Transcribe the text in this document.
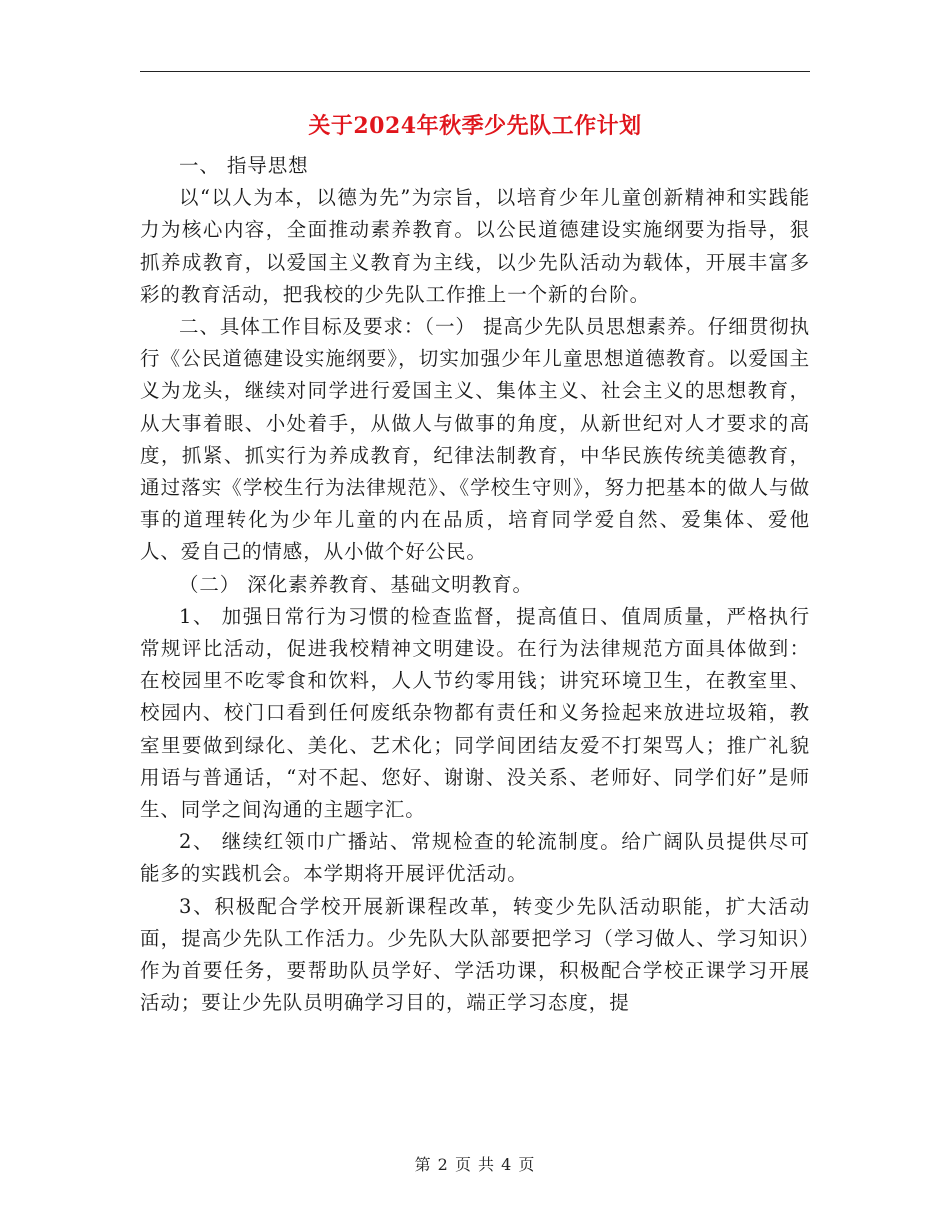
关于2024年秋季少先队工作计划

一、 指导思想

以“以人为本，以德为先”为宗旨，以培育少年儿童创新精神和实践能力为核心内容，全面推动素养教育。以公民道德建设实施纲要为指导，狠抓养成教育，以爱国主义教育为主线，以少先队活动为载体，开展丰富多彩的教育活动，把我校的少先队工作推上一个新的台阶。

二、具体工作目标及要求：（一） 提高少先队员思想素养。仔细贯彻执行《公民道德建设实施纲要》，切实加强少年儿童思想道德教育。以爱国主义为龙头，继续对同学进行爱国主义、集体主义、社会主义的思想教育，从大事着眼、小处着手，从做人与做事的角度，从新世纪对人才要求的高度，抓紧、抓实行为养成教育，纪律法制教育，中华民族传统美德教育，通过落实《学校生行为法律规范》、《学校生守则》，努力把基本的做人与做事的道理转化为少年儿童的内在品质，培育同学爱自然、爱集体、爱他人、爱自己的情感，从小做个好公民。

（二） 深化素养教育、基础文明教育。

1、 加强日常行为习惯的检查监督，提高值日、值周质量，严格执行常规评比活动，促进我校精神文明建设。在行为法律规范方面具体做到：在校园里不吃零食和饮料，人人节约零用钱；讲究环境卫生，在教室里、校园内、校门口看到任何废纸杂物都有责任和义务捡起来放进垃圾箱，教室里要做到绿化、美化、艺术化；同学间团结友爱不打架骂人；推广礼貌用语与普通话，“对不起、您好、谢谢、没关系、老师好、同学们好”是师生、同学之间沟通的主题字汇。

2、 继续红领巾广播站、常规检查的轮流制度。给广阔队员提供尽可能多的实践机会。本学期将开展评优活动。

3、积极配合学校开展新课程改革，转变少先队活动职能，扩大活动面，提高少先队工作活力。少先队大队部要把学习（学习做人、学习知识）作为首要任务，要帮助队员学好、学活功课，积极配合学校正课学习开展活动；要让少先队员明确学习目的，端正学习态度，提

第 2 页 共 4 页
